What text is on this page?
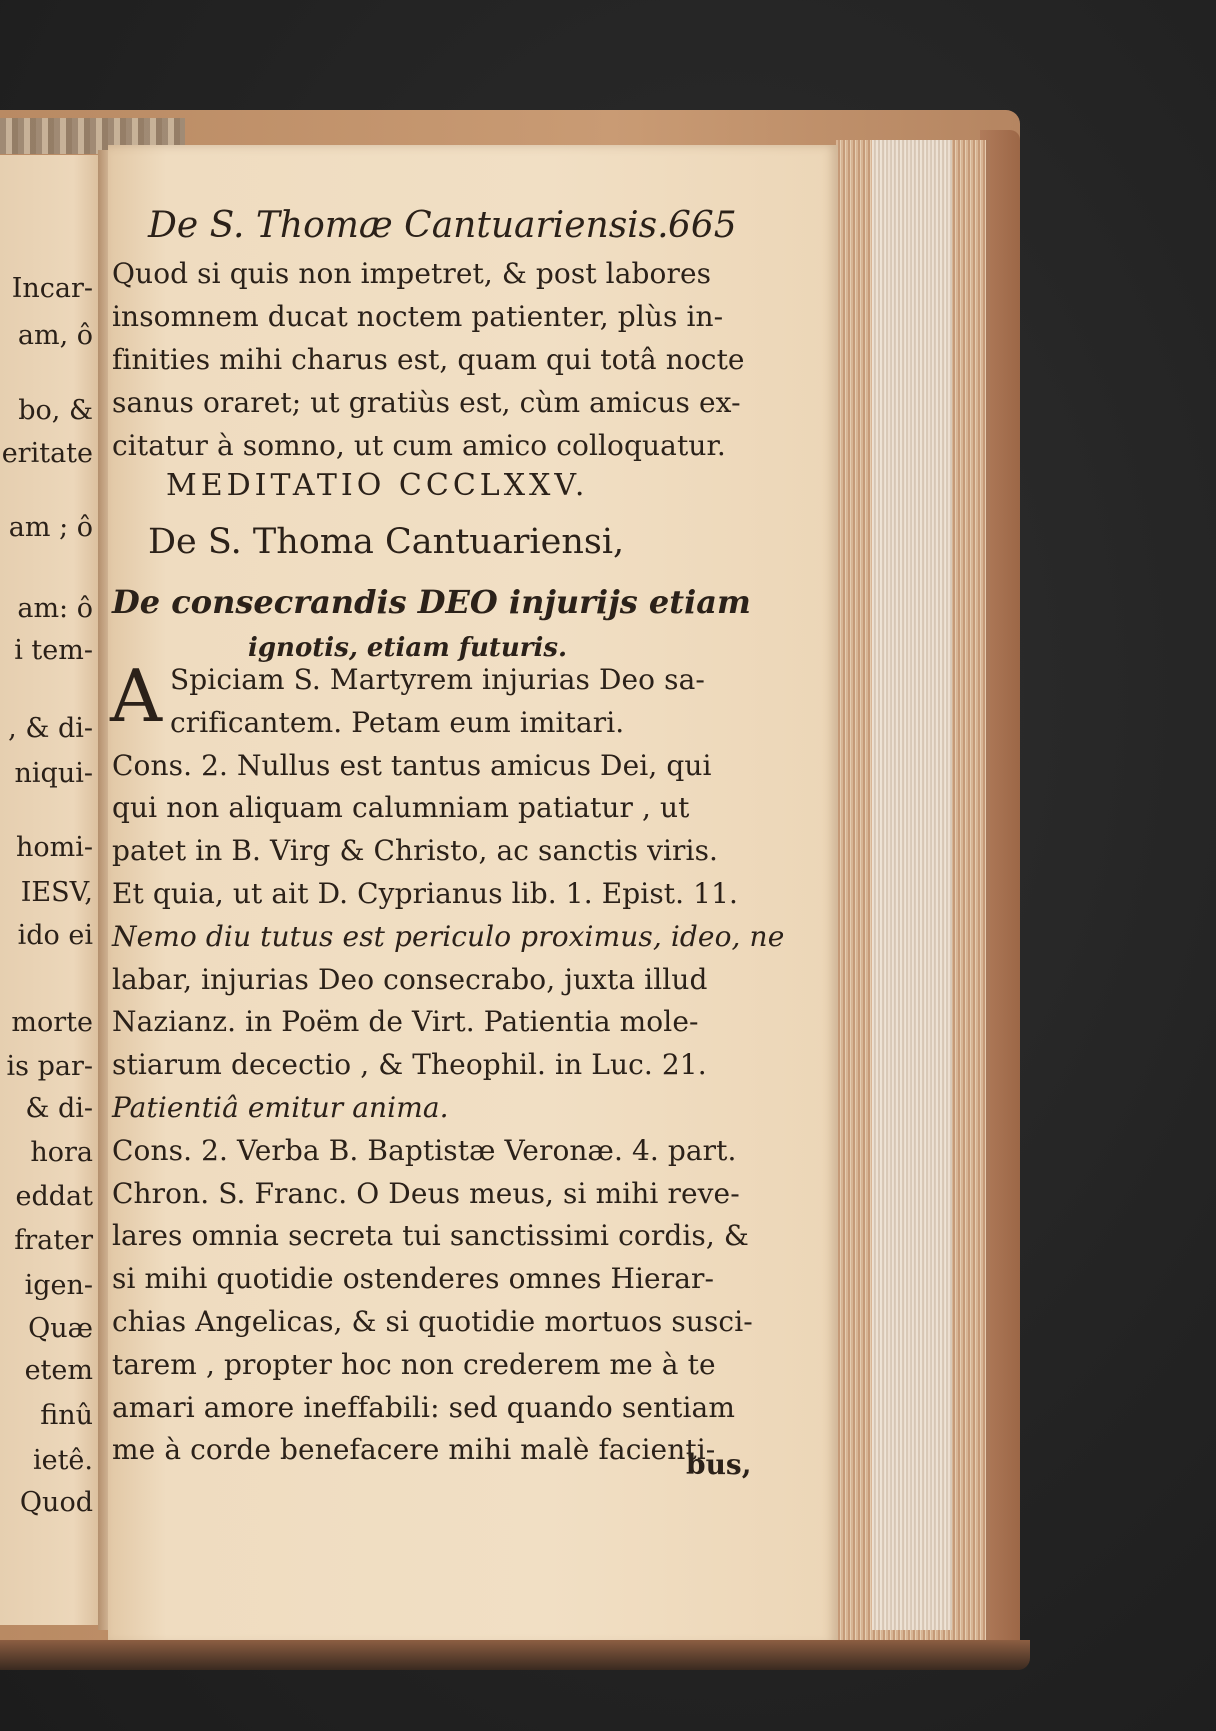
Incar-
am, ô
bo, &
eritate
am ; ô
am: ô
i tem-
, & di-
niqui-
homi-
IESV,
ido ei
morte
is par-
& di-
hora
eddat
frater
igen-
Quæ
etem
finû
ietê.
Quod
De S. Thomæ Cantuariensis. 665
Quod si quis non impetret, & post labores
insomnem ducat noctem patienter, plùs in-
finities mihi charus est, quam qui totâ nocte
sanus oraret; ut gratiùs est, cùm amicus ex-
citatur à somno, ut cum amico colloquatur.
MEDITATIO CCCLXXV.
De S. Thoma Cantuariensi,
De consecrandis DEO injurijs etiam
ignotis, etiam futuris.
A Spiciam S. Martyrem injurias Deo sa-
crificantem. Petam eum imitari.
Cons. 2. Nullus est tantus amicus Dei, qui
qui non aliquam calumniam patiatur , ut
patet in B. Virg & Christo, ac sanctis viris.
Et quia, ut ait D. Cyprianus lib. 1. Epist. 11.
Nemo diu tutus est periculo proximus, ideo, ne
labar, injurias Deo consecrabo, juxta illud
Nazianz. in Poëm de Virt. Patientia mole-
stiarum decectio , & Theophil. in Luc. 21.
Patientiâ emitur anima.
Cons. 2. Verba B. Baptistæ Veronæ. 4. part.
Chron. S. Franc. O Deus meus, si mihi reve-
lares omnia secreta tui sanctissimi cordis, &
si mihi quotidie ostenderes omnes Hierar-
chias Angelicas, & si quotidie mortuos susci-
tarem , propter hoc non crederem me à te
amari amore ineffabili: sed quando sentiam
me à corde benefacere mihi malè facienti-
bus,
